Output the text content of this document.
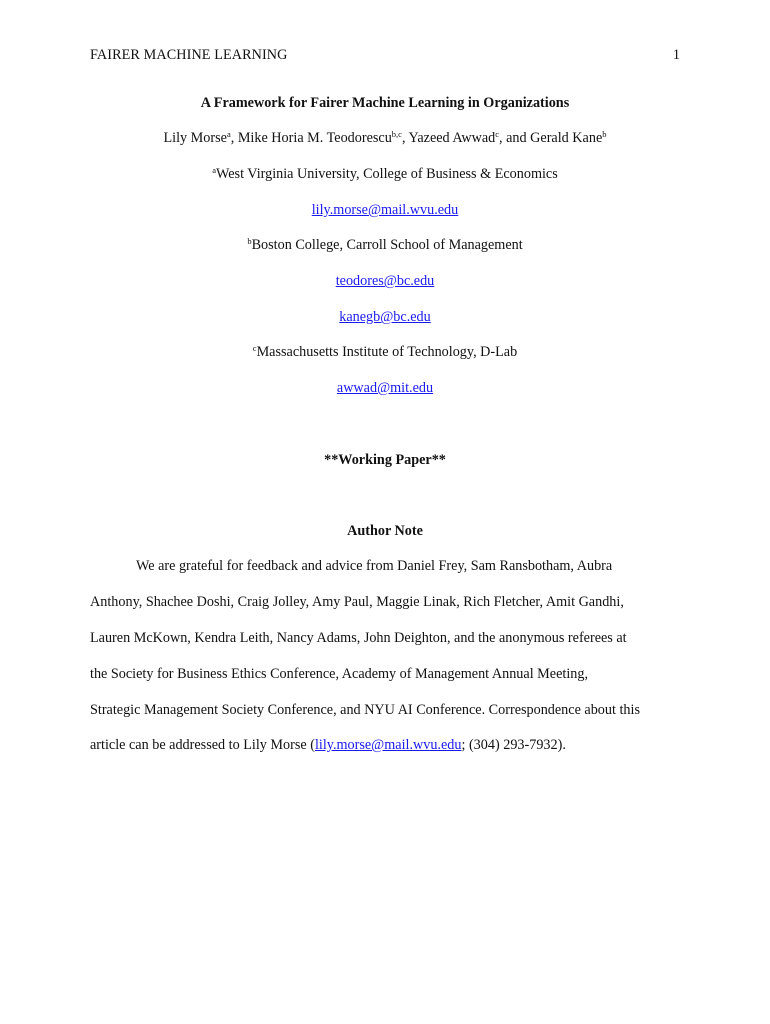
FAIRER MACHINE LEARNING	1
A Framework for Fairer Machine Learning in Organizations
Lily Morse$^a$, Mike Horia M. Teodorescu$^{b,c}$, Yazeed Awwad$^c$, and Gerald Kane$^b$
$^a$West Virginia University, College of Business & Economics
lily.morse@mail.wvu.edu
$^b$Boston College, Carroll School of Management
teodores@bc.edu
kanegb@bc.edu
$^c$Massachusetts Institute of Technology, D-Lab
awwad@mit.edu
**Working Paper**
Author Note
We are grateful for feedback and advice from Daniel Frey, Sam Ransbotham, Aubra
Anthony, Shachee Doshi, Craig Jolley, Amy Paul, Maggie Linak, Rich Fletcher, Amit Gandhi,
Lauren McKown, Kendra Leith, Nancy Adams, John Deighton, and the anonymous referees at
the Society for Business Ethics Conference, Academy of Management Annual Meeting,
Strategic Management Society Conference, and NYU AI Conference. Correspondence about this
article can be addressed to Lily Morse (lily.morse@mail.wvu.edu; (304) 293-7932).
